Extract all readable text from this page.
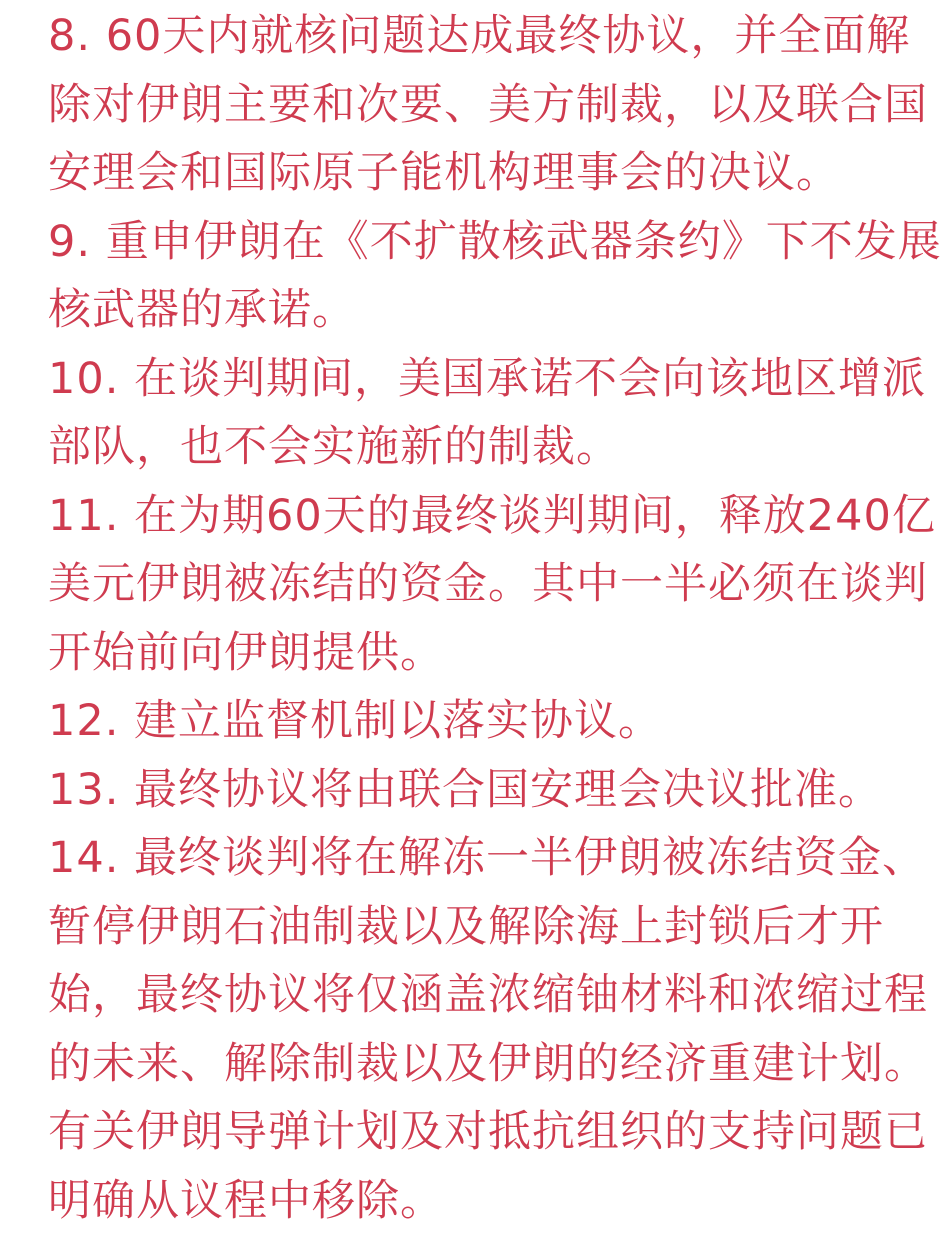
8. 60天内就核问题达成最终协议，并全面解
除对伊朗主要和次要、美方制裁，以及联合国
安理会和国际原子能机构理事会的决议。
9. 重申伊朗在《不扩散核武器条约》下不发展
核武器的承诺。
10. 在谈判期间，美国承诺不会向该地区增派
部队，也不会实施新的制裁。
11. 在为期60天的最终谈判期间，释放240亿
美元伊朗被冻结的资金。其中一半必须在谈判
开始前向伊朗提供。
12. 建立监督机制以落实协议。
13. 最终协议将由联合国安理会决议批准。
14. 最终谈判将在解冻一半伊朗被冻结资金、
暂停伊朗石油制裁以及解除海上封锁后才开
始，最终协议将仅涵盖浓缩铀材料和浓缩过程
的未来、解除制裁以及伊朗的经济重建计划。
有关伊朗导弹计划及对抵抗组织的支持问题已
明确从议程中移除。
